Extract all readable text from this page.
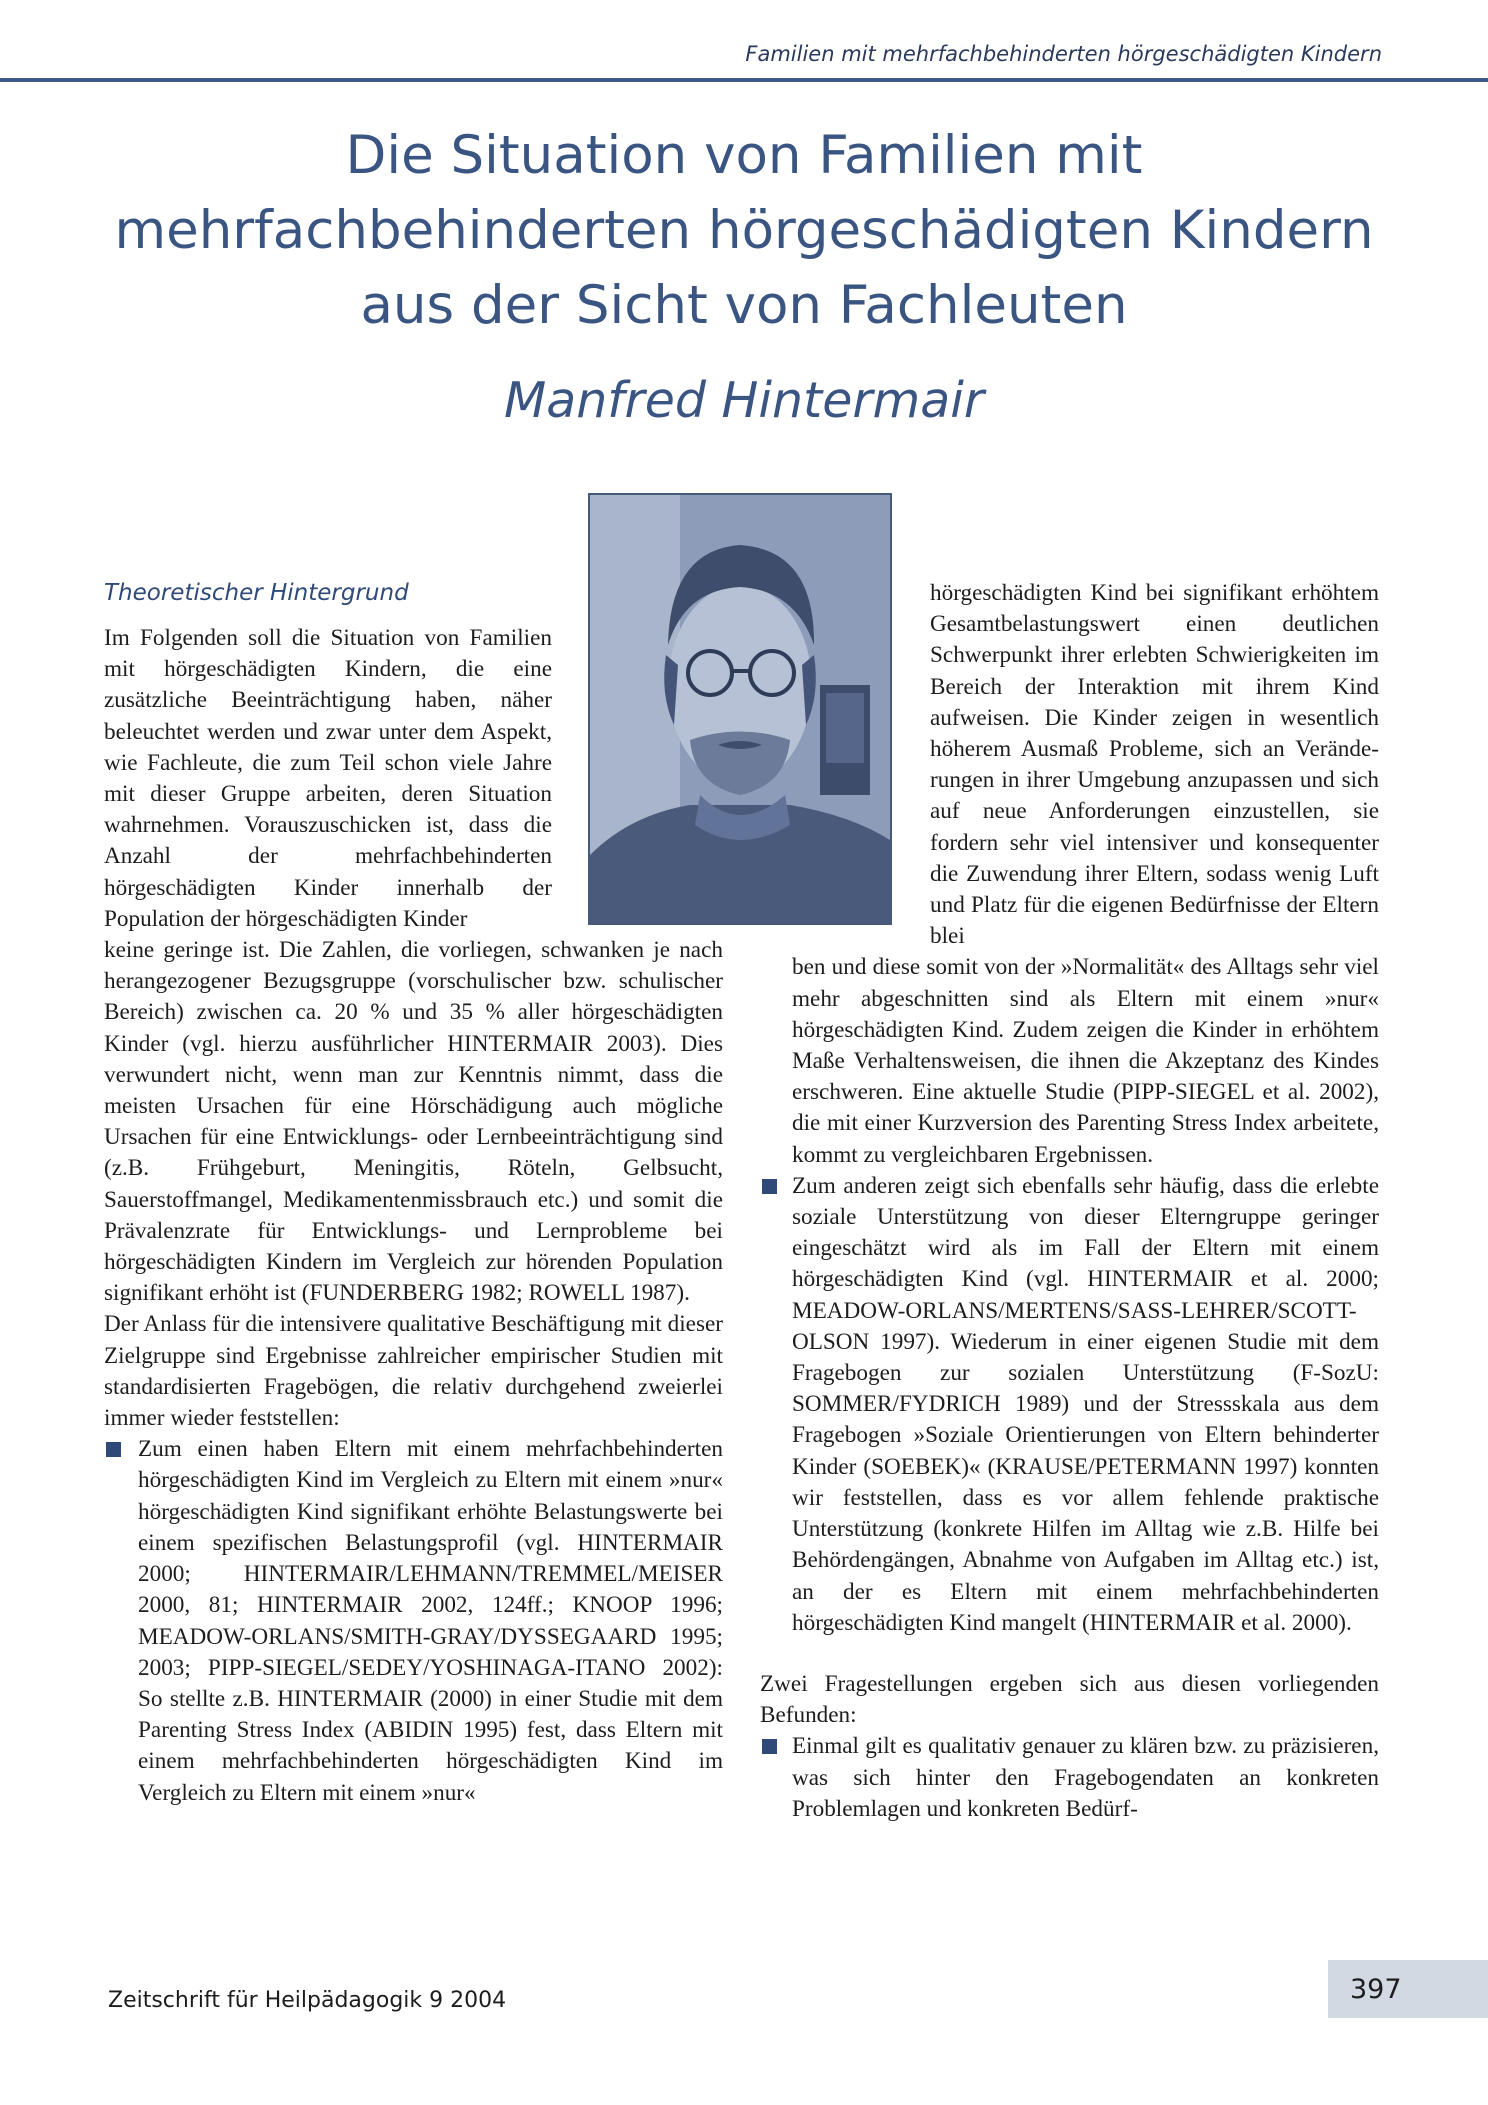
Familien mit mehrfachbehinderten hörgeschädigten Kindern
Die Situation von Familien mit mehrfachbehinderten hörgeschädigten Kindern aus der Sicht von Fachleuten
Manfred Hintermair
Theoretischer Hintergrund

Im Folgenden soll die Situation von Familien mit hörgeschädigten Kindern, die eine zusätzliche Beeinträchtigung haben, näher beleuchtet werden und zwar unter dem Aspekt, wie Fachleute, die zum Teil schon viele Jahre mit dieser Gruppe arbeiten, deren Situation wahrnehmen. Vorauszuschicken ist, dass die Anzahl der mehrfachbehinderten hörgeschädigten Kinder innerhalb der Population der hörgeschädigten Kinder

keine geringe ist. Die Zahlen, die vorliegen, schwanken je nach herangezogener Bezugsgruppe (vorschulischer bzw. schulischer Bereich) zwischen ca. 20 % und 35 % aller hörgeschädigten Kinder (vgl. hierzu ausführlicher HINTERMAIR 2003). Dies verwundert nicht, wenn man zur Kenntnis nimmt, dass die meisten Ursachen für eine Hörschädigung auch mögliche Ursachen für eine Entwicklungs- oder Lernbeeinträchtigung sind (z.B. Frühgeburt, Meningitis, Röteln, Gelbsucht, Sauerstoffmangel, Medikamentenmissbrauch etc.) und somit die Prävalenzrate für Entwicklungs- und Lernprobleme bei hörgeschädigten Kindern im Vergleich zur hörenden Population signifikant erhöht ist (FUNDERBERG 1982; ROWELL 1987).

Der Anlass für die intensivere qualitative Beschäftigung mit dieser Zielgruppe sind Ergebnisse zahlreicher empirischer Studien mit standardisierten Fragebögen, die relativ durchgehend zweierlei immer wieder feststellen:

Zum einen haben Eltern mit einem mehrfachbehinderten hörgeschädigten Kind im Vergleich zu Eltern mit einem »nur« hörgeschädigten Kind signifikant erhöhte Belastungswerte bei einem spezifischen Belastungsprofil (vgl. HINTERMAIR 2000; HINTERMAIR/LEHMANN/TREMMEL/MEISER 2000, 81; HINTERMAIR 2002, 124ff.; KNOOP 1996; MEADOW-ORLANS/SMITH-GRAY/DYSSEGAARD 1995; 2003; PIPP-SIEGEL/SEDEY/YOSHINAGA-ITANO 2002): So stellte z.B. HINTERMAIR (2000) in einer Studie mit dem Parenting Stress Index (ABIDIN 1995) fest, dass Eltern mit einem mehrfachbehinderten hörgeschädigten Kind im Vergleich zu Eltern mit einem »nur«

hörgeschädigten Kind bei signifikant erhöhtem Gesamtbelastungswert einen deutlichen Schwerpunkt ihrer erlebten Schwierigkeiten im Bereich der Interaktion mit ihrem Kind aufweisen. Die Kinder zeigen in wesentlich höherem Ausmaß Probleme, sich an Veränderungen in ihrer Umgebung anzupassen und sich auf neue Anforderungen einzustellen, sie fordern sehr viel intensiver und konsequenter die Zuwendung ihrer Eltern, sodass wenig Luft und Platz für die eigenen Bedürfnisse der Eltern blei

ben und diese somit von der »Normalität« des Alltags sehr viel mehr abgeschnitten sind als Eltern mit einem »nur« hörgeschädigten Kind. Zudem zeigen die Kinder in erhöhtem Maße Verhaltensweisen, die ihnen die Akzeptanz des Kindes erschweren. Eine aktuelle Studie (PIPP-SIEGEL et al. 2002), die mit einer Kurzversion des Parenting Stress Index arbeitete, kommt zu vergleichbaren Ergebnissen.
Zum anderen zeigt sich ebenfalls sehr häufig, dass die erlebte soziale Unterstützung von dieser Elterngruppe geringer eingeschätzt wird als im Fall der Eltern mit einem hörgeschädigten Kind (vgl. HINTERMAIR et al. 2000; MEADOW-ORLANS/MERTENS/SASS-LEHRER/SCOTT-OLSON 1997). Wiederum in einer eigenen Studie mit dem Fragebogen zur sozialen Unterstützung (F-SozU: SOMMER/FYDRICH 1989) und der Stressskala aus dem Fragebogen »Soziale Orientierungen von Eltern behinderter Kinder (SOEBEK)« (KRAUSE/PETERMANN 1997) konnten wir feststellen, dass es vor allem fehlende praktische Unterstützung (konkrete Hilfen im Alltag wie z.B. Hilfe bei Behördengängen, Abnahme von Aufgaben im Alltag etc.) ist, an der es Eltern mit einem mehrfachbehinderten hörgeschädigten Kind mangelt (HINTERMAIR et al. 2000).

Zwei Fragestellungen ergeben sich aus diesen vorliegenden Befunden:

Einmal gilt es qualitativ genauer zu klären bzw. zu präzisieren, was sich hinter den Fragebogendaten an konkreten Problemlagen und konkreten Bedürf-
Zeitschrift für Heilpädagogik 9 2004	397
